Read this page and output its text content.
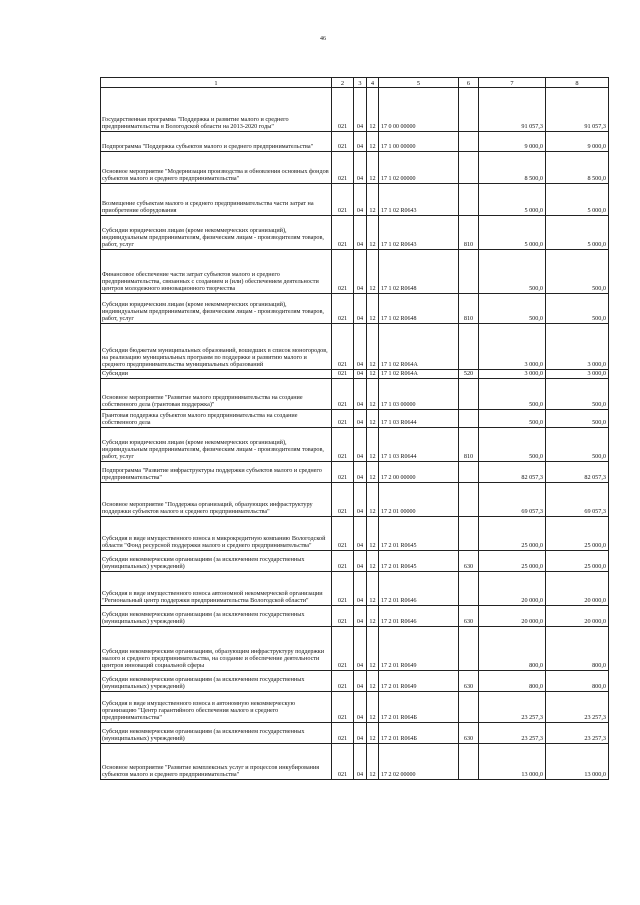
46
1	2	3	4	5	6	7	8
Государственная программа "Поддержка и развитие малого и среднего предпринимательства в Вологодской области на 2013-2020 годы"	021	04	12	17 0 00 00000		91 057,3	91 057,3
Подпрограмма "Поддержка субъектов малого и среднего предпринимательства"	021	04	12	17 1 00 00000		9 000,0	9 000,0
Основное мероприятие "Модернизация производства и обновления основных фондов субъектов малого и среднего предпринимательства"	021	04	12	17 1 02 00000		8 500,0	8 500,0
Возмещение субъектам малого и среднего предпринимательства части затрат на приобретение оборудования	021	04	12	17 1 02 R0643		5 000,0	5 000,0
Субсидии юридическим лицам (кроме некоммерческих организаций), индивидуальным предпринимателям, физическим лицам - производителям товаров, работ, услуг	021	04	12	17 1 02 R0643	810	5 000,0	5 000,0
Финансовое обеспечение части затрат субъектов малого и среднего предпринимательства, связанных с созданием и (или) обеспечением деятельности центров молодежного инновационного творчества	021	04	12	17 1 02 R0648		500,0	500,0
Субсидии юридическим лицам (кроме некоммерческих организаций), индивидуальным предпринимателям, физическим лицам - производителям товаров, работ, услуг	021	04	12	17 1 02 R0648	810	500,0	500,0
Субсидии бюджетам муниципальных образований, вошедших в список моногородов, на реализацию муниципальных программ по поддержке и развитию малого и среднего предпринимательства муниципальных образований	021	04	12	17 1 02 R064A		3 000,0	3 000,0
Субсидии	021	04	12	17 1 02 R064A	520	3 000,0	3 000,0
Основное мероприятие "Развитие малого предпринимательства на создание собственного дела (грантовая поддержка)"	021	04	12	17 1 03 00000		500,0	500,0
Грантовая поддержка субъектов малого предпринимательства на создание собственного дела	021	04	12	17 1 03 R0644		500,0	500,0
Субсидии юридическим лицам (кроме некоммерческих организаций), индивидуальным предпринимателям, физическим лицам - производителям товаров, работ, услуг	021	04	12	17 1 03 R0644	810	500,0	500,0
Подпрограмма "Развитие инфраструктуры поддержки субъектов малого и среднего предпринимательства"	021	04	12	17 2 00 00000		82 057,3	82 057,3
Основное мероприятие "Поддержка организаций, образующих инфраструктуру поддержки субъектов малого и среднего предпринимательства"	021	04	12	17 2 01 00000		69 057,3	69 057,3
Субсидия в виде имущественного взноса в микрокредитную компанию Вологодской области "Фонд ресурсной поддержки малого и среднего предпринимательства"	021	04	12	17 2 01 R0645		25 000,0	25 000,0
Субсидии некоммерческим организациям (за исключением государственных (муниципальных) учреждений)	021	04	12	17 2 01 R0645	630	25 000,0	25 000,0
Субсидия в виде имущественного взноса автономной некоммерческой организации "Региональный центр поддержки предпринимательства Вологодской области"	021	04	12	17 2 01 R0646		20 000,0	20 000,0
Субсидии некоммерческим организациям (за исключением государственных (муниципальных) учреждений)	021	04	12	17 2 01 R0646	630	20 000,0	20 000,0
Субсидии некоммерческим организациям, образующим инфраструктуру поддержки малого и среднего предпринимательства, на создание и обеспечение деятельности центров инноваций социальной сферы	021	04	12	17 2 01 R0649		800,0	800,0
Субсидии некоммерческим организациям (за исключением государственных (муниципальных) учреждений)	021	04	12	17 2 01 R0649	630	800,0	800,0
Субсидия в виде имущественного взноса в автономную некоммерческую организацию "Центр гарантийного обеспечения малого и среднего предпринимательства"	021	04	12	17 2 01 R064Б		23 257,3	23 257,3
Субсидии некоммерческим организациям (за исключением государственных (муниципальных) учреждений)	021	04	12	17 2 01 R064Б	630	23 257,3	23 257,3
Основное мероприятие "Развитие комплексных услуг и процессов инкубирования субъектов малого и среднего предпринимательства"	021	04	12	17 2 02 00000		13 000,0	13 000,0
